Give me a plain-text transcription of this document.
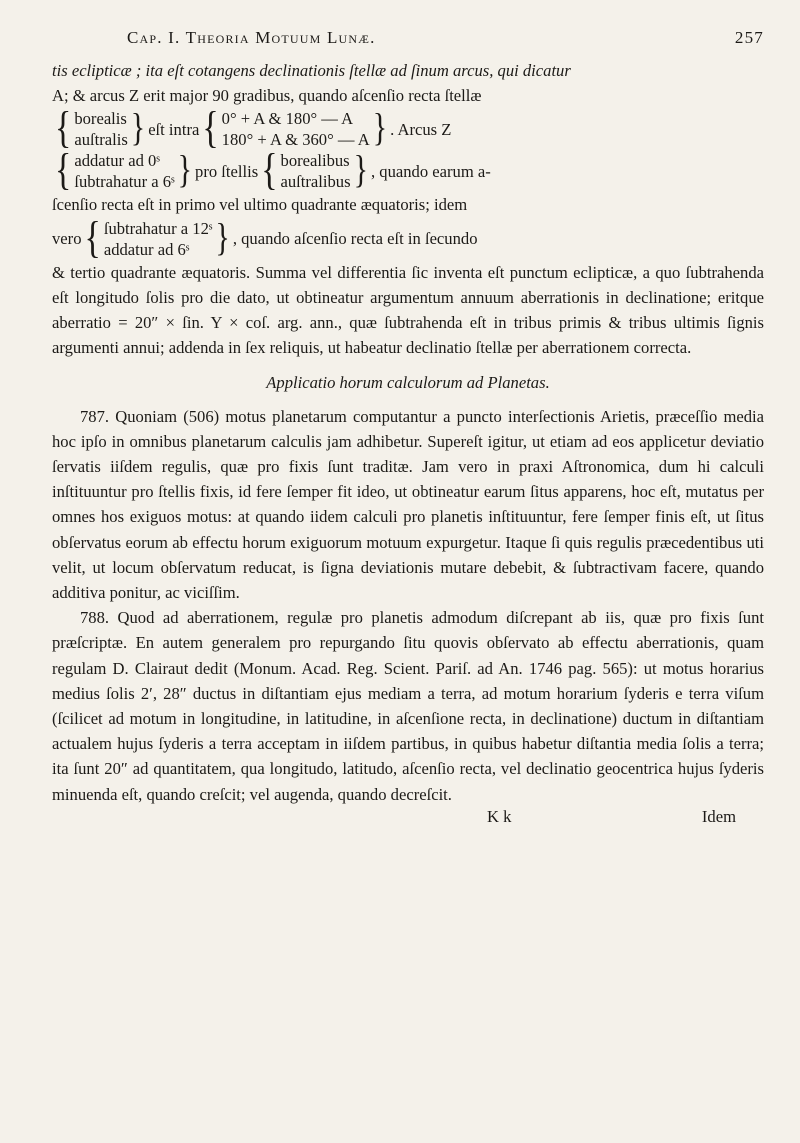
Cap. I. Theoria Motuum Lunæ.	257

tis eclipticæ ; ita eſt cotangens declinationis ſtellæ ad ſinum arcus, qui dicatur

A; & arcus Z erit major 90 gradibus, quando aſcenſio recta ſtellæ

{ borealis
auſtralis } eſt intra { 0° + A & 180° — A
180° + A & 360° — A } . Arcus Z
{ addatur ad 0ˢ
ſubtrahatur a 6ˢ } pro ſtellis { borealibus
auſtralibus } , quando earum a-

ſcenſio recta eſt in primo vel ultimo quadrante æquatoris; idem

vero { ſubtrahatur a 12ˢ
addatur ad 6ˢ } , quando aſcenſio recta eſt in ſecundo

& tertio quadrante æquatoris. Summa vel differentia ſic inventa eſt punctum eclipticæ, a quo ſubtrahenda eſt longitudo ſolis pro die dato, ut obtineatur argumentum annuum aberrationis in declinatione; eritque aberratio = 20″ × ſin. Y × coſ. arg. ann., quæ ſubtrahenda eſt in tribus primis & tribus ultimis ſignis argumenti annui; addenda in ſex reliquis, ut habeatur declinatio ſtellæ per aberrationem correcta.

Applicatio horum calculorum ad Planetas.

787. Quoniam (506) motus planetarum computantur a puncto interſectionis Arietis, præceſſio media hoc ipſo in omnibus planetarum calculis jam adhibetur. Supereſt igitur, ut etiam ad eos applicetur deviatio ſervatis iiſdem regulis, quæ pro fixis ſunt traditæ. Jam vero in praxi Aſtronomica, dum hi calculi inſtituuntur pro ſtellis fixis, id fere ſemper fit ideo, ut obtineatur earum ſitus apparens, hoc eſt, mutatus per omnes hos exiguos motus: at quando iidem calculi pro planetis inſtituuntur, fere ſemper finis eſt, ut ſitus obſervatus eorum ab effectu horum exiguorum motuum expurgetur. Itaque ſi quis regulis præcedentibus uti velit, ut locum obſervatum reducat, is ſigna deviationis mutare debebit, & ſubtractivam facere, quando additiva ponitur, ac viciſſim.

788. Quod ad aberrationem, regulæ pro planetis admodum diſcrepant ab iis, quæ pro fixis ſunt præſcriptæ. En autem generalem pro repurgando ſitu quovis obſervato ab effectu aberrationis, quam regulam D. Clairaut dedit (Monum. Acad. Reg. Scient. Pariſ. ad An. 1746 pag. 565): ut motus horarius medius ſolis 2′, 28″ ductus in diſtantiam ejus mediam a terra, ad motum horarium ſyderis e terra viſum (ſcilicet ad motum in longitudine, in latitudine, in aſcenſione recta, in declinatione) ductum in diſtantiam actualem hujus ſyderis a terra acceptam in iiſdem partibus, in quibus habetur diſtantia media ſolis a terra; ita ſunt 20″ ad quantitatem, qua longitudo, latitudo, aſcenſio recta, vel declinatio geocentrica hujus ſyderis minuenda eſt, quando creſcit; vel augenda, quando decreſcit.

K k	Idem
